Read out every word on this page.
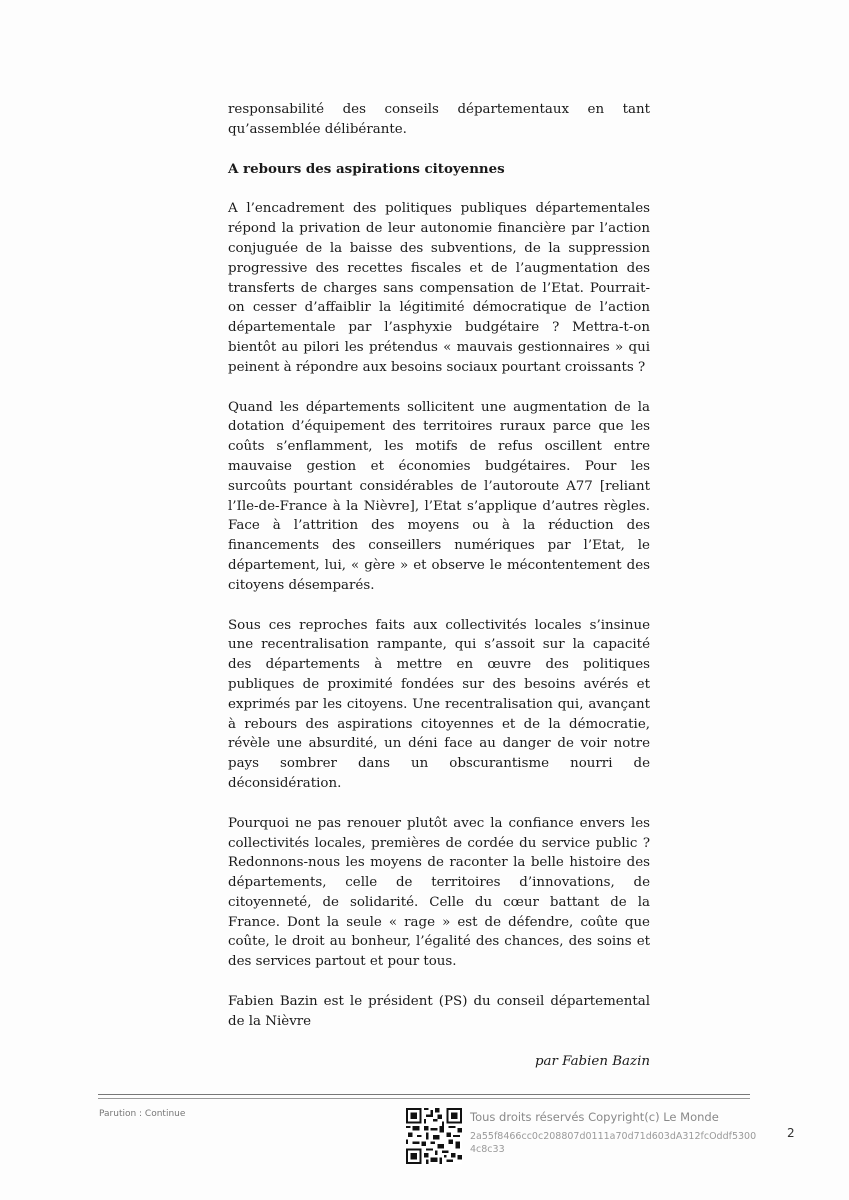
responsabilité des conseils départementaux en tant qu’assemblée délibérante.

A rebours des aspirations citoyennes

A l’encadrement des politiques publiques départementales répond la privation de leur autonomie financière par l’action conjuguée de la baisse des subventions, de la suppression progressive des recettes fiscales et de l’augmentation des transferts de charges sans compensation de l’Etat. Pourrait-on cesser d’affaiblir la légitimité démocratique de l’action départementale par l’asphyxie budgétaire ? Mettra-t-on bientôt au pilori les prétendus « mauvais gestionnaires » qui peinent à répondre aux besoins sociaux pourtant croissants ?

Quand les départements sollicitent une augmentation de la dotation d’équipement des territoires ruraux parce que les coûts s’enflamment, les motifs de refus oscillent entre mauvaise gestion et économies budgétaires. Pour les surcoûts pourtant considérables de l’autoroute A77 [reliant l’Ile-de-France à la Nièvre], l’Etat s’applique d’autres règles. Face à l’attrition des moyens ou à la réduction des financements des conseillers numériques par l’Etat, le département, lui, « gère » et observe le mécontentement des citoyens désemparés.

Sous ces reproches faits aux collectivités locales s’insinue une recentralisation rampante, qui s’assoit sur la capacité des départements à mettre en œuvre des politiques publiques de proximité fondées sur des besoins avérés et exprimés par les citoyens. Une recentralisation qui, avançant à rebours des aspirations citoyennes et de la démocratie, révèle une absurdité, un déni face au danger de voir notre pays sombrer dans un obscurantisme nourri de déconsidération.

Pourquoi ne pas renouer plutôt avec la confiance envers les collectivités locales, premières de cordée du service public ? Redonnons-nous les moyens de raconter la belle histoire des départements, celle de territoires d’innovations, de citoyenneté, de solidarité. Celle du cœur battant de la France. Dont la seule « rage » est de défendre, coûte que coûte, le droit au bonheur, l’égalité des chances, des soins et des services partout et pour tous.

Fabien Bazin est le président (PS) du conseil départemental de la Nièvre

par Fabien Bazin
Parution : Continue	Tous droits réservés Copyright(c) Le Monde
2a55f8466cc0c208807d0111a70d71d603dA312fcOddf53004c8c33
2
